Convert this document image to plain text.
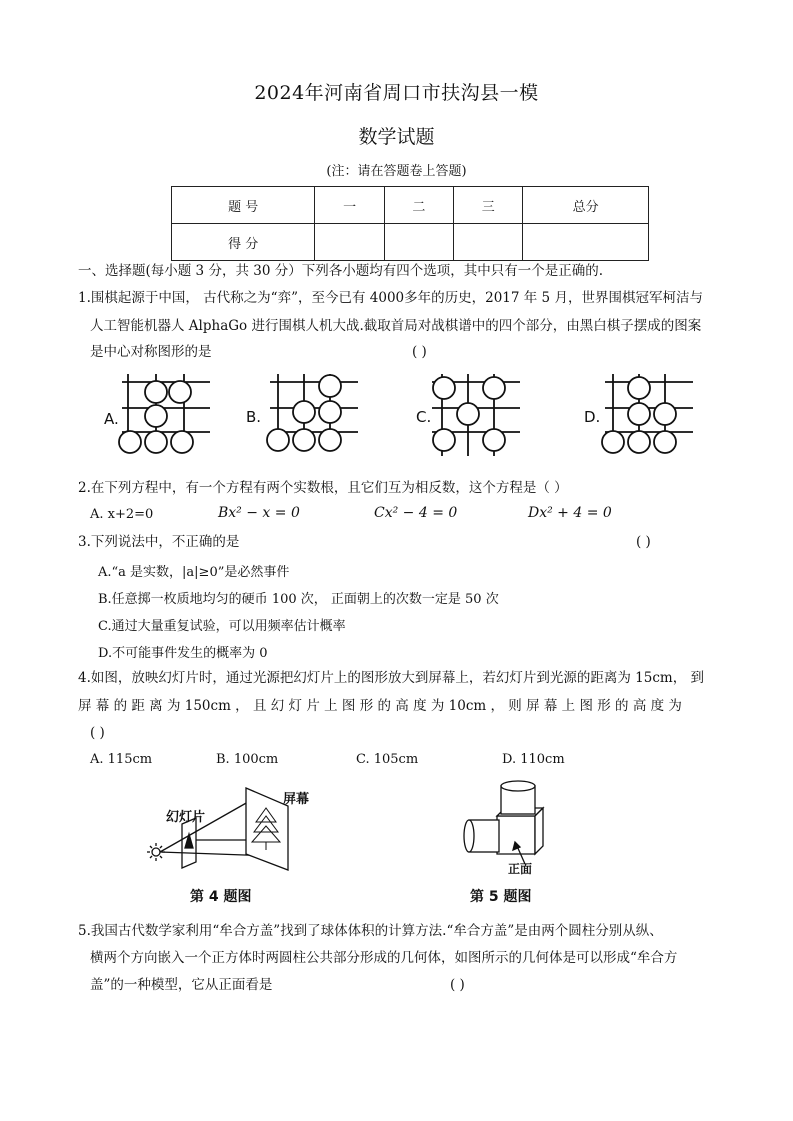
2024年河南省周口市扶沟县一模
数学试题
(注：请在答题卷上答题)
题 号	一	二	三	总分
得 分				
一、选择题(每小题 3 分，共 30 分）下列各小题均有四个选项，其中只有一个是正确的.
1.围棋起源于中国， 古代称之为“弈”，至今已有 4000多年的历史，2017 年 5 月，世界围棋冠军柯洁与
人工智能机器人 AlphaGo 进行围棋人机大战.截取首局对战棋谱中的四个部分，由黑白棋子摆成的图案
是中心对称图形的是	( )
A.	B.	C.	D.
2.在下列方程中，有一个方程有两个实数根，且它们互为相反数，这个方程是（ ）
A. x+2=0	Bx² − x = 0	Cx² − 4 = 0	Dx² + 4 = 0
3.下列说法中，不正确的是	( )
A.“a 是实数，|a|≥0”是必然事件
B.任意掷一枚质地均匀的硬币 100 次， 正面朝上的次数一定是 50 次
C.通过大量重复试验，可以用频率估计概率
D.不可能事件发生的概率为 0
4.如图，放映幻灯片时，通过光源把幻灯片上的图形放大到屏幕上，若幻灯片到光源的距离为 15cm， 到
屏 幕 的 距 离 为 150cm ， 且 幻 灯 片 上 图 形 的 高 度 为 10cm ， 则 屏 幕 上 图 形 的 高 度 为
( )
A. 115cm	B. 100cm	C. 105cm	D. 110cm
幻灯片
屏幕
第 4 题图
正面
第 5 题图
5.我国古代数学家利用“牟合方盖”找到了球体体积的计算方法.“牟合方盖”是由两个圆柱分别从纵、
横两个方向嵌入一个正方体时两圆柱公共部分形成的几何体，如图所示的几何体是可以形成“牟合方
盖”的一种模型，它从正面看是	( )
